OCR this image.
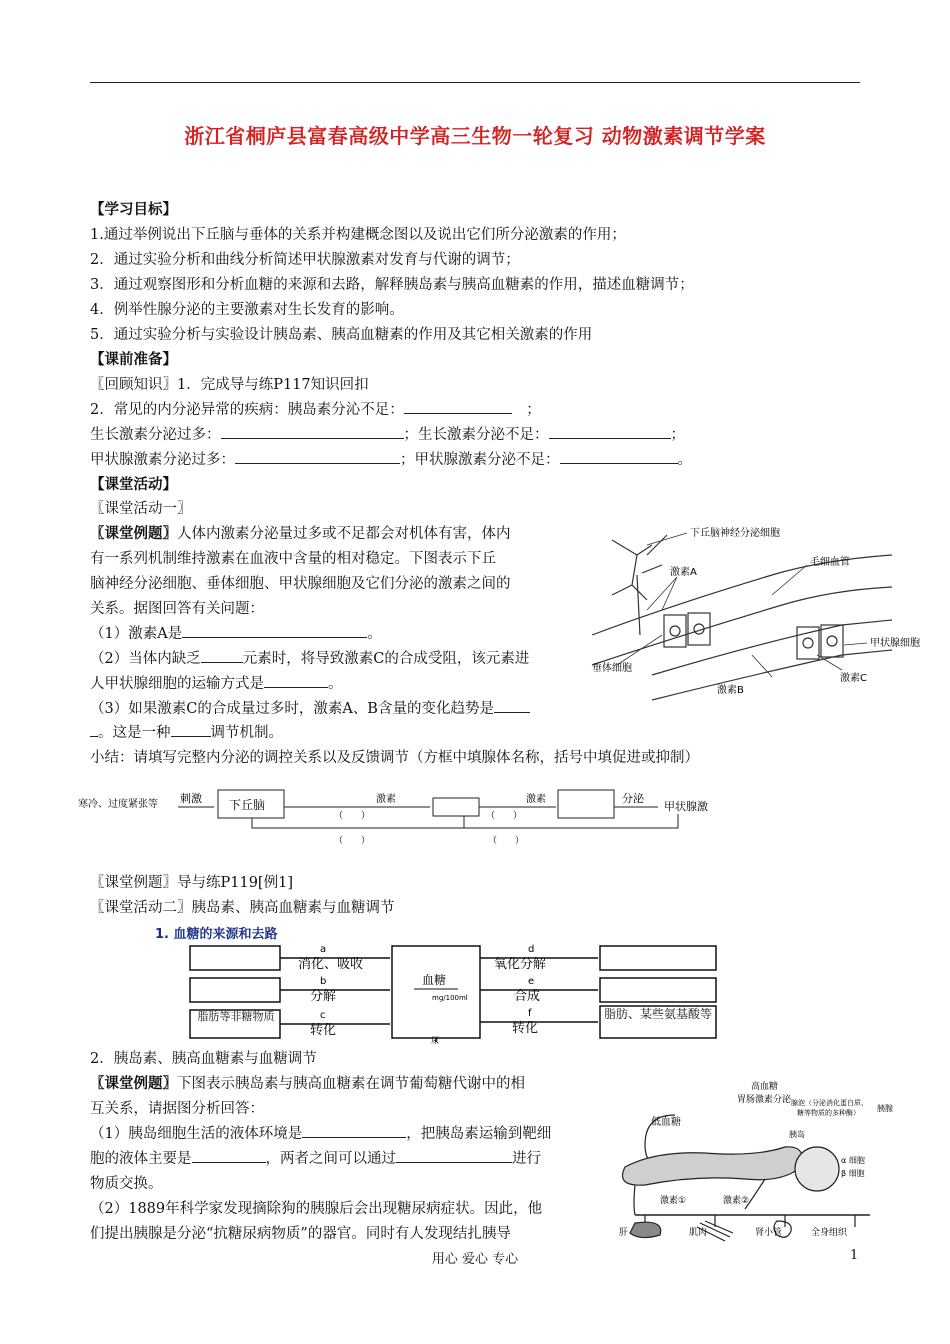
浙江省桐庐县富春高级中学高三生物一轮复习 动物激素调节学案
【学习目标】
1.通过举例说出下丘脑与垂体的关系并构建概念图以及说出它们所分泌激素的作用；
2．通过实验分析和曲线分析简述甲状腺激素对发育与代谢的调节；
3．通过观察图形和分析血糖的来源和去路，解释胰岛素与胰高血糖素的作用，描述血糖调节；
4．例举性腺分泌的主要激素对生长发育的影响。
5．通过实验分析与实验设计胰岛素、胰高血糖素的作用及其它相关激素的作用
【课前准备】
〖回顾知识〗1．完成导与练P117知识回扣
2．常见的内分泌异常的疾病：胰岛素分沁不足：　	；
生长激素分泌过多：	；生长激素分泌不足：	；
甲状腺激素分泌过多：	；甲状腺激素分泌不足：	。
【课堂活动】
〖课堂活动一〗
〖课堂例题〗人体内激素分泌量过多或不足都会对机体有害，体内
有一系列机制维持激素在血液中含量的相对稳定。下图表示下丘
脑神经分泌细胞、垂体细胞、甲状腺细胞及它们分泌的激素之间的
关系。据图回答有关问题：
（1）激素A是	。
（2）当体内缺乏	元素时，将导致激素C的合成受阻，该元素进
人甲状腺细胞的运输方式是	。
（3）如果激素C的合成量过多时，激素A、B含量的变化趋势是
。这是一种	调节机制。
小结：请填写完整内分泌的调控关系以及反馈调节（方框中填腺体名称，括号中填促进或抑制）
下丘脑神经分泌细胞
激素A
毛细血管
甲状腺细胞
垂体细胞
激素B
激素C
寒冷、过度紧张等 刺激 下丘脑	激素
（　　）
激素
（　　）
分泌
甲状腺激
（　　）	（　　）
〖课堂例题〗导与练P119[例1]
〖课堂活动二〗胰岛素、胰高血糖素与血糖调节
1. 血糖的来源和去路
a
消化、吸收
b
分解
c
转化
脂肪等非糖物质
血糖
mg/100ml
d
氧化分解
e
合成
f
转化
脂肪、某些氨基酸等
尿
2．胰岛素、胰高血糖素与血糖调节
〖课堂例题〗下图表示胰岛素与胰高血糖素在调节葡萄糖代谢中的相
互关系，请据图分析回答：
（1）胰岛细胞生活的液体环境是	，把胰岛素运输到靶细
胞的液体主要是	，两者之间可以通过	进行
物质交换。
（2）1889年科学家发现摘除狗的胰腺后会出现糖尿病症状。因此，他
们提出胰腺是分泌“抗糖尿病物质”的器官。同时有人发现结扎胰导
高血糖
胃肠激素分泌
低血糖
腺泡（分泌消化蛋白质、
糖等物质的多种酶） 胰腺
胰岛
α 细胞
β 细胞
激素①	激素②
肝	肌肉	肾小管	全身组织
用心 爱心 专心	1
